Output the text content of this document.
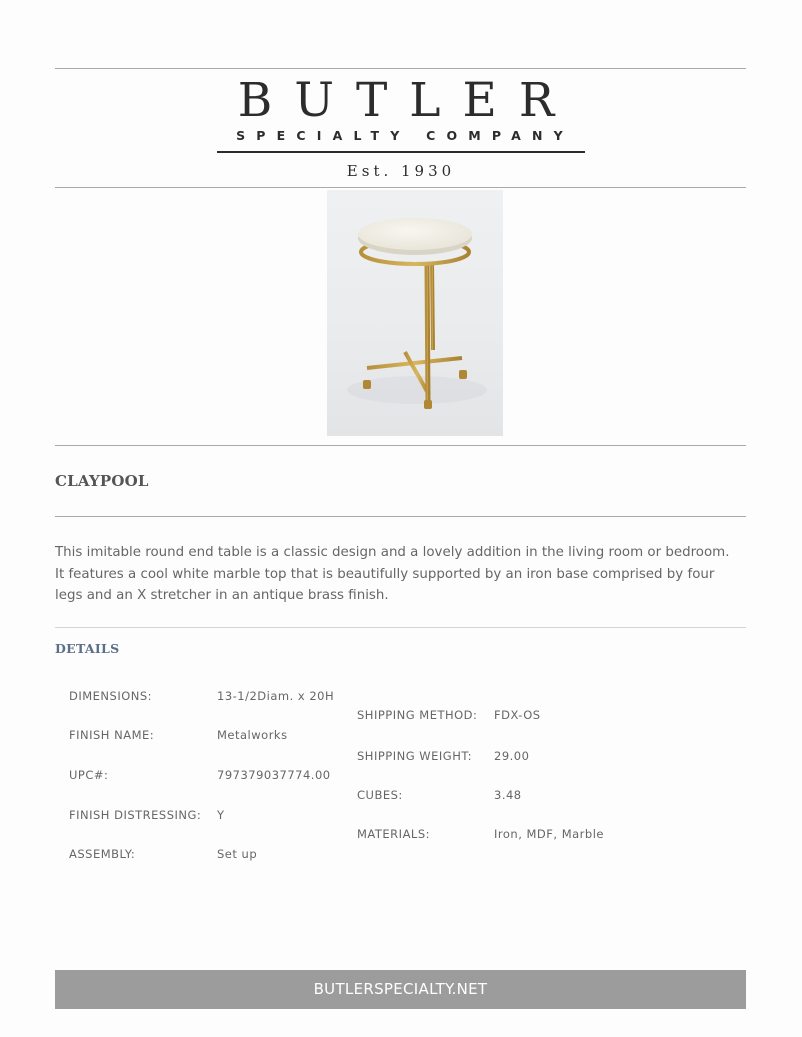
BUTLER
SPECIALTY COMPANY
Est. 1930
CLAYPOOL
This imitable round end table is a classic design and a lovely addition in the living room or bedroom. It features a cool white marble top that is beautifully supported by an iron base comprised by four legs and an X stretcher in an antique brass finish.
DETAILS
DIMENSIONS:	13-1/2Diam. x 20H
FINISH NAME:	Metalworks
UPC#:	797379037774.00
FINISH DISTRESSING: Y
ASSEMBLY:	Set up
SHIPPING METHOD: FDX-OS
SHIPPING WEIGHT: 29.00
CUBES:	3.48
MATERIALS:	Iron, MDF, Marble
BUTLERSPECIALTY.NET
